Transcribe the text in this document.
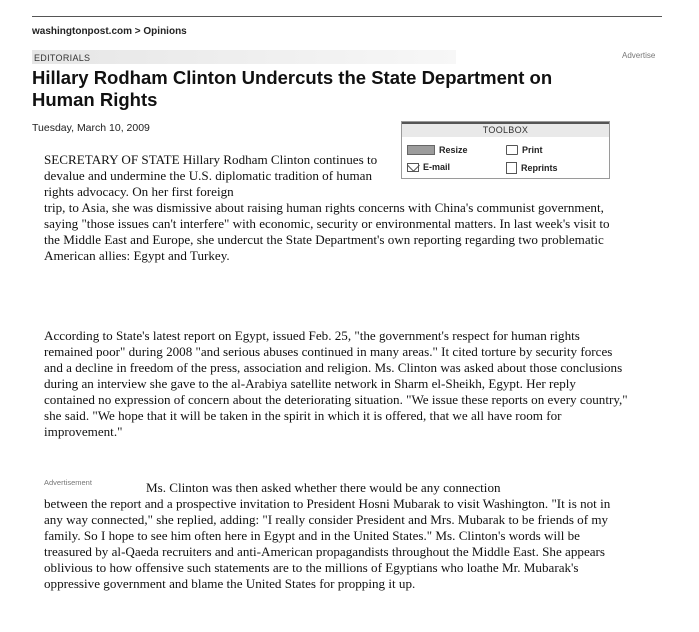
washingtonpost.com > Opinions
EDITORIALS	Advertise
Hillary Rodham Clinton Undercuts the State Department on Human Rights
Tuesday, March 10, 2009	TOOLBOX
Resize	Print
E-mail	Reprints

SECRETARY OF STATE Hillary Rodham Clinton continues to devalue and undermine the U.S. diplomatic tradition of human rights advocacy. On her first foreign

trip, to Asia, she was dismissive about raising human rights concerns with China's communist government, saying "those issues can't interfere" with economic, security or environmental matters. In last week's visit to the Middle East and Europe, she undercut the State Department's own reporting regarding two problematic American allies: Egypt and Turkey.

According to State's latest report on Egypt, issued Feb. 25, "the government's respect for human rights remained poor" during 2008 "and serious abuses continued in many areas." It cited torture by security forces and a decline in freedom of the press, association and religion. Ms. Clinton was asked about those conclusions during an interview she gave to the al-Arabiya satellite network in Sharm el-Sheikh, Egypt. Her reply contained no expression of concern about the deteriorating situation. "We issue these reports on every country," she said. "We hope that it will be taken in the spirit in which it is offered, that we all have room for improvement."

Advertisement	Ms. Clinton was then asked whether there would be any connection

between the report and a prospective invitation to President Hosni Mubarak to visit Washington. "It is not in any way connected," she replied, adding: "I really consider President and Mrs. Mubarak to be friends of my family. So I hope to see him often here in Egypt and in the United States." Ms. Clinton's words will be treasured by al-Qaeda recruiters and anti-American propagandists throughout the Middle East. She appears oblivious to how offensive such statements are to the millions of Egyptians who loathe Mr. Mubarak's oppressive government and blame the United States for propping it up.
